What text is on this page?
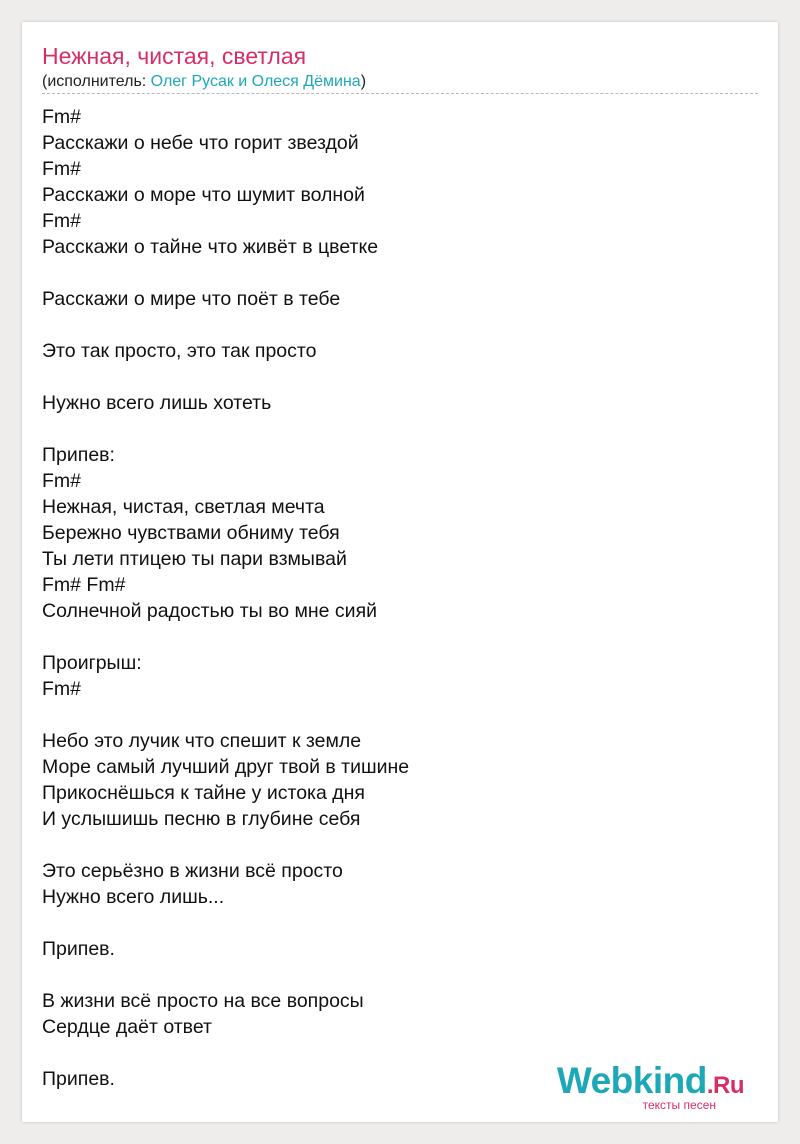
Нежная, чистая, светлая
(исполнитель: Олег Русак и Олеся Дёмина)
Fm#
Расскажи о небе что горит звездой
Fm#
Расскажи о море что шумит волной
Fm#
Расскажи о тайне что живёт в цветке
Расскажи о мире что поёт в тебе
Это так просто, это так просто
Нужно всего лишь хотеть
Припев:
Fm#
Нежная, чистая, светлая мечта
Бережно чувствами обниму тебя
Ты лети птицею ты пари взмывай
Fm# Fm#
Солнечной радостью ты во мне сияй
Проигрыш:
Fm#
Небо это лучик что спешит к земле
Море самый лучший друг твой в тишине
Прикоснёшься к тайне у истока дня
И услышишь песню в глубине себя
Это серьёзно в жизни всё просто
Нужно всего лишь...
Припев.
В жизни всё просто на все вопросы
Сердце даёт ответ
Припев.	Webkind.Ru
тексты песен
